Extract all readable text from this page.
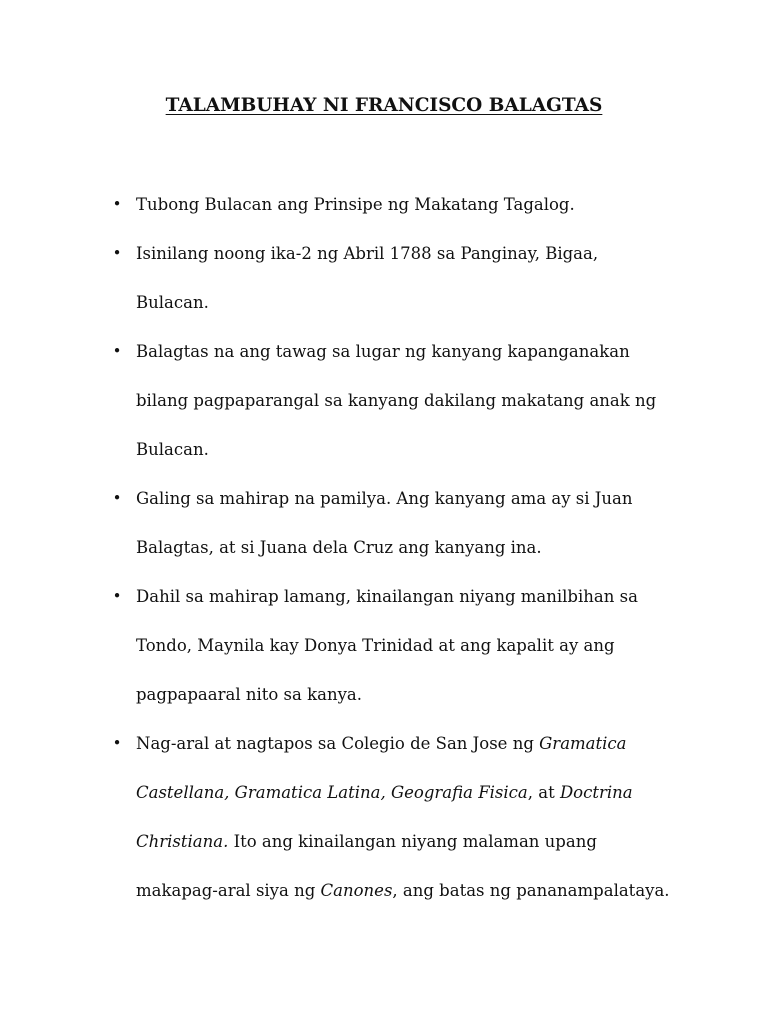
TALAMBUHAY NI FRANCISCO BALAGTAS
• Tubong Bulacan ang Prinsipe ng Makatang Tagalog.
• Isinilang noong ika-2 ng Abril 1788 sa Panginay, Bigaa,
Bulacan.
• Balagtas na ang tawag sa lugar ng kanyang kapanganakan
bilang pagpaparangal sa kanyang dakilang makatang anak ng
Bulacan.
• Galing sa mahirap na pamilya. Ang kanyang ama ay si Juan
Balagtas, at si Juana dela Cruz ang kanyang ina.
• Dahil sa mahirap lamang, kinailangan niyang manilbihan sa
Tondo, Maynila kay Donya Trinidad at ang kapalit ay ang
pagpapaaral nito sa kanya.
• Nag-aral at nagtapos sa Colegio de San Jose ng Gramatica
Castellana, Gramatica Latina, Geografia Fisica, at Doctrina
Christiana. Ito ang kinailangan niyang malaman upang
makapag-aral siya ng Canones, ang batas ng pananampalataya.
